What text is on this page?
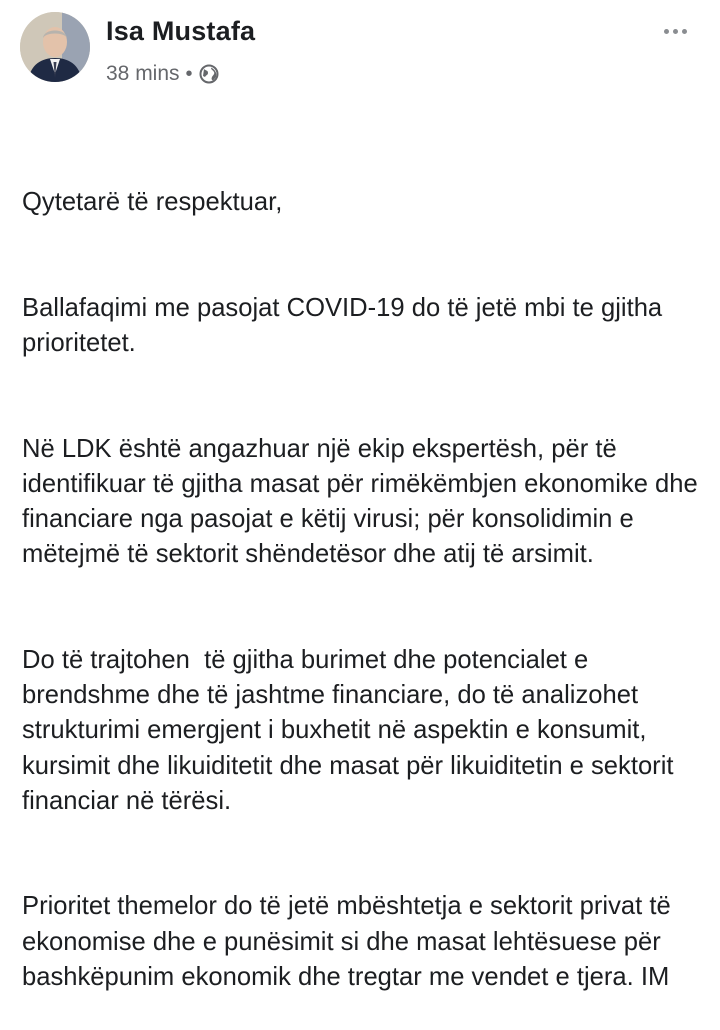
Isa Mustafa
38 mins •

Qytetarë të respektuar,

Ballafaqimi me pasojat COVID-19 do të jetë mbi te gjitha prioritetet.

Në LDK është angazhuar një ekip ekspertësh, për të identifikuar të gjitha masat për rimëkëmbjen ekonomike dhe financiare nga pasojat e këtij virusi; për konsolidimin e mëtejmë të sektorit shëndetësor dhe atij të arsimit.

Do të trajtohen  të gjitha burimet dhe potencialet e brendshme dhe të jashtme financiare, do të analizohet strukturimi emergjent i buxhetit në aspektin e konsumit, kursimit dhe likuiditetit dhe masat për likuiditetin e sektorit financiar në tërësi.

Prioritet themelor do të jetë mbështetja e sektorit privat të ekonomise dhe e punësimit si dhe masat lehtësuese për bashkëpunim ekonomik dhe tregtar me vendet e tjera. IM
